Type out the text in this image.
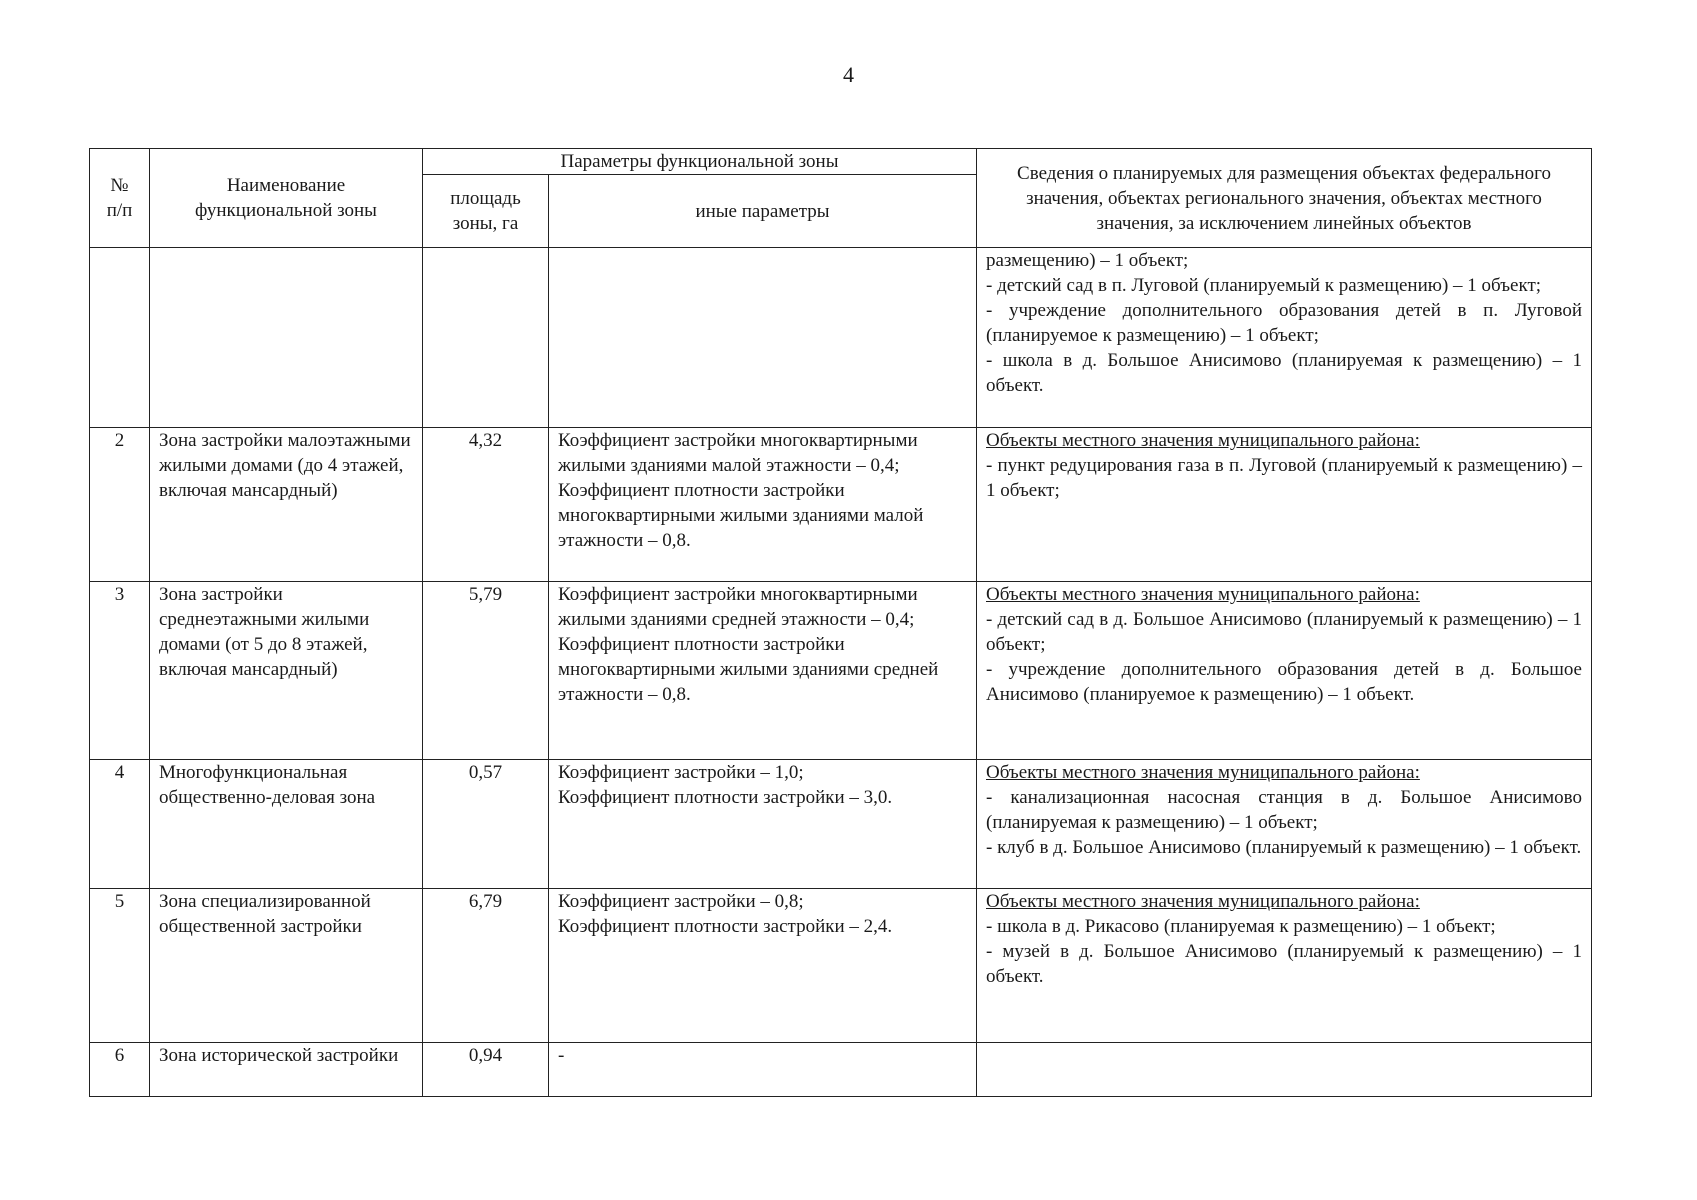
4
№
п/п	Наименование функциональной зоны	Параметры функциональной зоны		Сведения о планируемых для размещения объектах федерального значения, объектах регионального значения, объектах местного значения, за исключением линейных объектов
		площадь зоны, га	иные параметры	

				размещению) – 1 объект;
- детский сад в п. Луговой (планируемый к размещению) – 1 объект;
- учреждение дополнительного образования детей в п. Луговой (планируемое к размещению) – 1 объект;
- школа в д. Большое Анисимово (планируемая к размещению) – 1 объект.

2	Зона застройки малоэтажными жилыми домами (до 4 этажей, включая мансардный)	4,32	Коэффициент застройки многоквартирными жилыми зданиями малой этажности – 0,4;
Коэффициент плотности застройки многоквартирными жилыми зданиями малой этажности – 0,8.	Объекты местного значения муниципального района:
- пункт редуцирования газа в п. Луговой (планируемый к размещению) – 1 объект;

3	Зона застройки среднеэтажными жилыми домами (от 5 до 8 этажей, включая мансардный)	5,79	Коэффициент застройки многоквартирными жилыми зданиями средней этажности – 0,4;
Коэффициент плотности застройки многоквартирными жилыми зданиями средней этажности – 0,8.	Объекты местного значения муниципального района:
- детский сад в д. Большое Анисимово (планируемый к размещению) – 1 объект;
- учреждение дополнительного образования детей в д. Большое Анисимово (планируемое к размещению) – 1 объект.

4	Многофункциональная общественно-деловая зона	0,57	Коэффициент застройки – 1,0;
Коэффициент плотности застройки – 3,0.	Объекты местного значения муниципального района:
- канализационная насосная станция в д. Большое Анисимово (планируемая к размещению) – 1 объект;
- клуб в д. Большое Анисимово (планируемый к размещению) – 1 объект.

5	Зона специализированной общественной застройки	6,79	Коэффициент застройки – 0,8;
Коэффициент плотности застройки – 2,4.	Объекты местного значения муниципального района:
- школа в д. Рикасово (планируемая к размещению) – 1 объект;
- музей в д. Большое Анисимово (планируемый к размещению) – 1 объект.

6	Зона исторической застройки	0,94	-	
